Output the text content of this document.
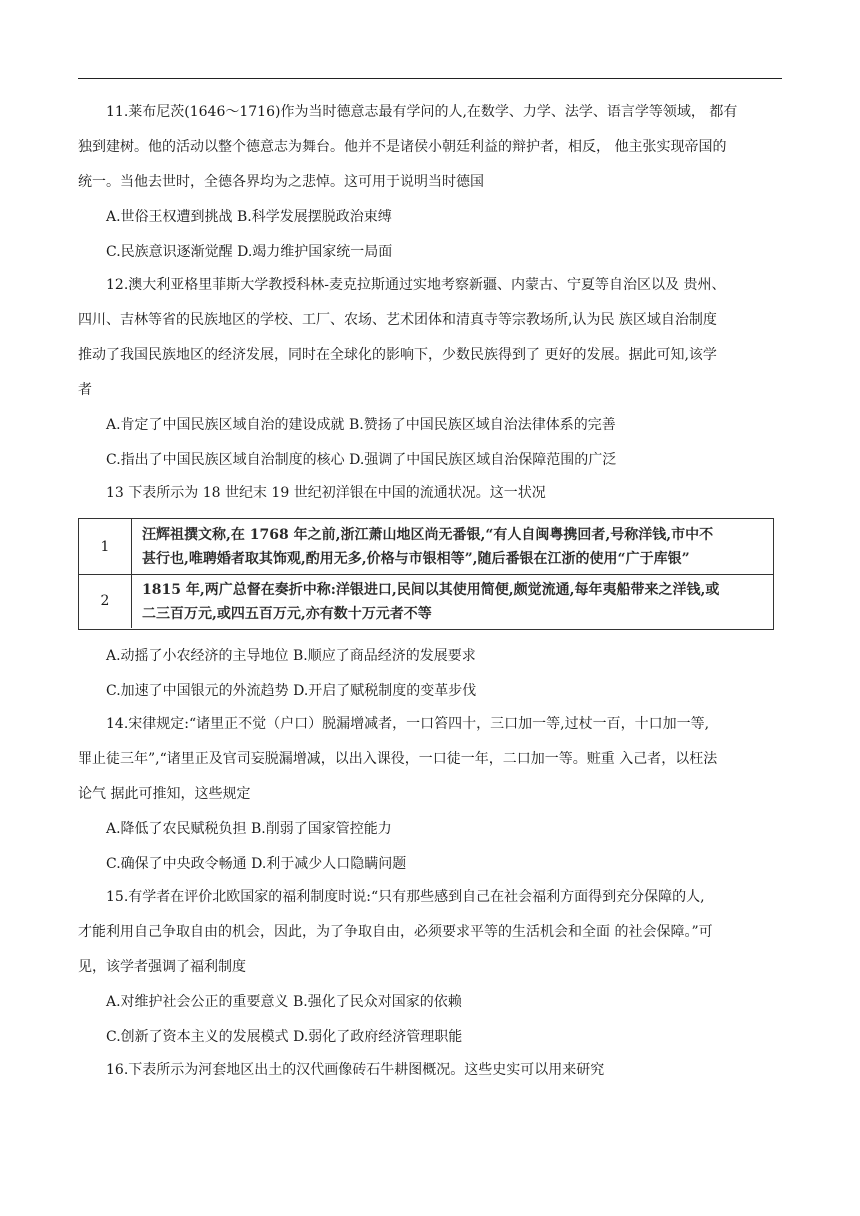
11.莱布尼茨(1646～1716)作为当时德意志最有学问的人,在数学、力学、法学、语言学等领域， 都有
独到建树。他的活动以整个德意志为舞台。他并不是诸侯小朝廷利益的辩护者，相反， 他主张实现帝国的
统一。当他去世时，全德各界均为之悲悼。这可用于说明当时德国
A.世俗王权遭到挑战 B.科学发展摆脱政治束缚
C.民族意识逐渐觉醒 D.竭力维护国家统一局面
12.澳大利亚格里菲斯大学教授科林-麦克拉斯通过实地考察新疆、内蒙古、宁夏等自治区以及 贵州、
四川、吉林等省的民族地区的学校、工厂、农场、艺术团体和清真寺等宗教场所,认为民 族区域自治制度
推动了我国民族地区的经济发展，同时在全球化的影响下，少数民族得到了 更好的发展。据此可知,该学
者
A.肯定了中国民族区域自治的建设成就 B.赞扬了中国民族区域自治法律体系的完善
C.指出了中国民族区域自治制度的核心 D.强调了中国民族区域自治保障范围的广泛
13 下表所示为 18 世纪末 19 世纪初洋银在中国的流通状况。这一状况
1
汪辉祖撰文称,在 1768 年之前,浙江萧山地区尚无番银,“有人自闽粤携回者,号称洋钱,市中不
甚行也,唯聘婚者取其饰观,酌用无多,价格与市银相等”,随后番银在江浙的使用“广于库银”
2
1815 年,两广总督在奏折中称:洋银进口,民间以其使用简便,颇觉流通,每年夷船带来之洋钱,或
二三百万元,或四五百万元,亦有数十万元者不等
A.动摇了小农经济的主导地位 B.顺应了商品经济的发展要求
C.加速了中国银元的外流趋势 D.开启了赋税制度的变革步伐
14.宋律规定:“诸里正不觉（户口）脱漏增减者，一口笞四十，三口加一等,过杖一百，十口加一等,
罪止徒三年”,“诸里正及官司妄脱漏增减，以出入课役，一口徒一年，二口加一等。赃重 入己者，以枉法
论气 据此可推知，这些规定
A.降低了农民赋税负担 B.削弱了国家管控能力
C.确保了中央政令畅通 D.利于减少人口隐瞒问题
15.有学者在评价北欧国家的福利制度时说:“只有那些感到自己在社会福利方面得到充分保障的人,
才能利用自己争取自由的机会，因此，为了争取自由，必须要求平等的生活机会和全面 的社会保障。”可
见，该学者强调了福利制度
A.对维护社会公正的重要意义 B.强化了民众对国家的依赖
C.创新了资本主义的发展模式 D.弱化了政府经济管理职能
16.下表所示为河套地区出土的汉代画像砖石牛耕图概况。这些史实可以用来研究
